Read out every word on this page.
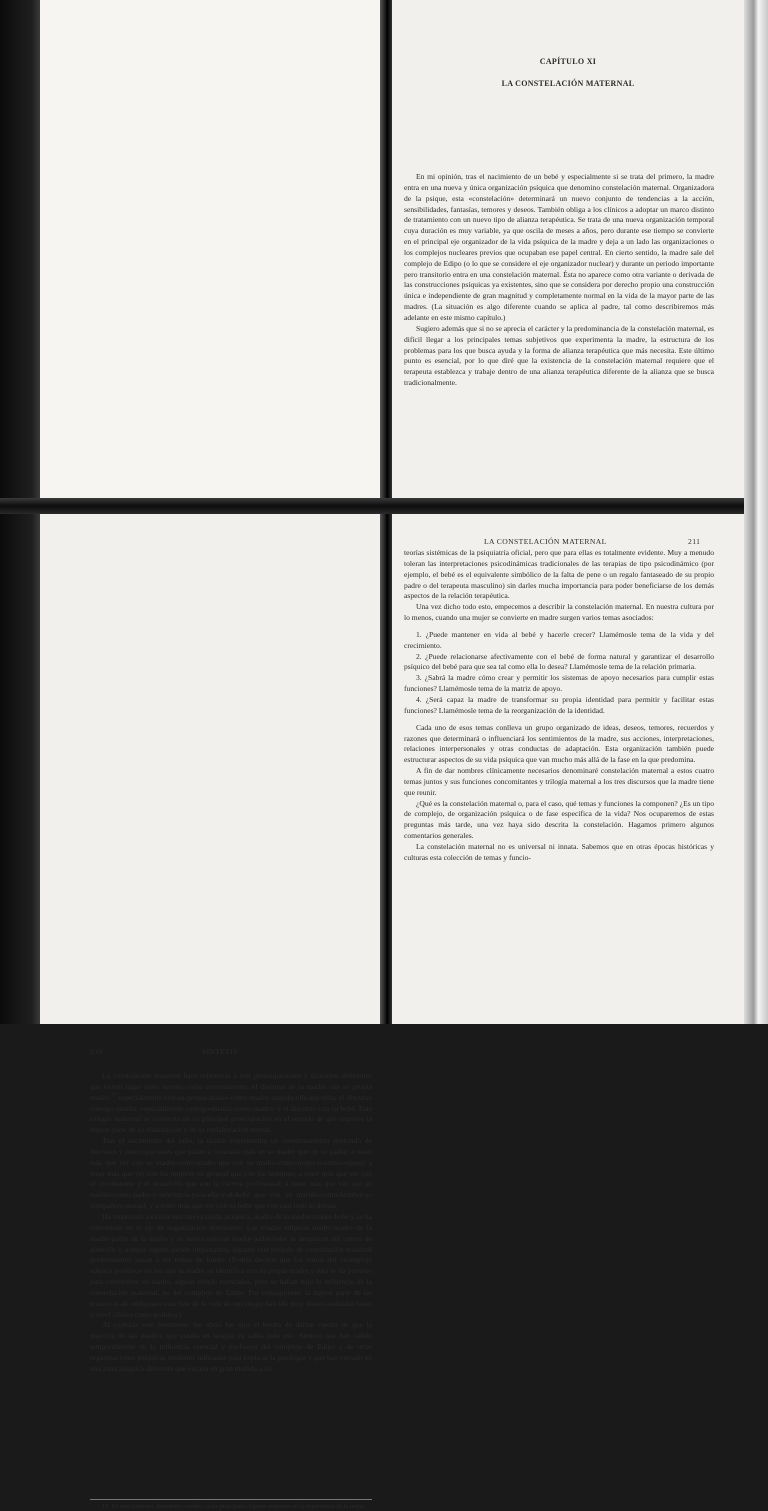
CAPÍTULO XI
LA CONSTELACIÓN MATERNAL

En mi opinión, tras el nacimiento de un bebé y especialmente si se trata del primero, la madre entra en una nueva y única organización psíquica que denomino constelación maternal. Organizadora de la psique, esta «constelación» determinará un nuevo conjunto de tendencias a la acción, sensibilidades, fantasías, temores y deseos. También obliga a los clínicos a adoptar un marco distinto de tratamiento con un nuevo tipo de alianza terapéutica. Se trata de una nueva organización temporal cuya duración es muy variable, ya que oscila de meses a años, pero durante ese tiempo se convierte en el principal eje organizador de la vida psíquica de la madre y deja a un lado las organizaciones o los complejos nucleares previos que ocupaban ese papel central. En cierto sentido, la madre sale del complejo de Edipo (o lo que se considere el eje organizador nuclear) y durante un periodo importante pero transitorio entra en una constelación maternal. Ésta no aparece como otra variante o derivada de las construcciones psíquicas ya existentes, sino que se considera por derecho propio una construcción única e independiente de gran magnitud y completamente normal en la vida de la mayor parte de las madres. (La situación es algo diferente cuando se aplica al padre, tal como describiremos más adelante en este mismo capítulo.)

Sugiero además que si no se aprecia el carácter y la predominancia de la constelación maternal, es difícil llegar a los principales temas subjetivos que experimenta la madre, la estructura de los problemas para los que busca ayuda y la forma de alianza terapéutica que más necesita. Este último punto es esencial, por lo que diré que la existencia de la constelación maternal requiere que el terapeuta establezca y trabaje dentro de una alianza terapéutica diferente de la alianza que se busca tradicionalmente.

210	SÍNTESIS

La constelación maternal hace referencia a tres preocupaciones y discursos diferentes que tienen lugar tanto interna como externamente: el discurso de la madre con su propia madre,$^{17}$ especialmente con-su-propia-madre-como-madre-cuando-ella-era-niña; el discurso consigo misma, especialmente consigo-misma-como-madre; y el discurso con su bebé. Esta trilogía maternal se convierte en su principal preocupación en el sentido de que requiere la mayor parte de su elaboración y de su reelaboración mental.

Tras el nacimiento del niño, la madre experimenta un reordenamiento profundo de intereses y preocupaciones que pasan a centrarse más en su madre que en su padre; a tener más que ver con su madre-como-madre que con su madre-como-mujer-o-como-esposa; a tener más que ver con las mujeres en general que con los hombres; a tener más que ver con el crecimiento y el desarrollo que con la carrera profesional; a tener más que ver con su marido-como-padre-y-referencia-para-ella-y-el-bebé que con su marido-como-hombre-y-compañero-sexual; y a tener más que ver con su bebé que con casi todo lo demás.

Ha empezado a existir una nueva tríada psíquica, madre de la madre-madre-bebé y se ha convertido en el eje de organización dominante. Las tríadas edípicas madre-madre de la madre-padre de la madre y su nueva edición madre-padre-bebé se desplazan del centro de atención y, aunque siguen siendo importantes, durante este periodo de constelación maternal predominante pasan a ser temas de fondo. (Podría decirse que los temas del «complejo edípico positivo» en los que la madre se identifica con su propia madre y ésta le da permiso para convertirse en madre, siguen siendo esenciales, pero se hallan bajo la influencia de la constelación maternal, no del complejo de Edipo. Por consiguiente, la mayor parte de las tentativas de «edipizar» esta fase de la vida de una mujer han ido muy desencaminadas tanto a nivel clínico como político.)

Al explorar este fenómeno, me abrió los ojos el hecho de darme cuenta de que la mayoría de las madres que estaba en terapia ya sabía todo eso. Sienten que han salido temporalmente de la influencia esencial y exclusiva del complejo de Edipo y de otras organizaciones psíquicas similares utilizadas para explicar la patología y que han entrado en una zona psíquica diferente que escapa en gran medida a las

17. En este contexto, denomino «madre» a las principales figuras maternas en la experiencia de la mujer.

LA CONSTELACIÓN MATERNAL	211

teorías sistémicas de la psiquiatría oficial, pero que para ellas es totalmente evidente. Muy a menudo toleran las interpretaciones psicodinámicas tradicionales de las terapias de tipo psicodinámico (por ejemplo, el bebé es el equivalente simbólico de la falta de pene o un regalo fantaseado de su propio padre o del terapeuta masculino) sin darles mucha importancia para poder beneficiarse de los demás aspectos de la relación terapéutica.

Una vez dicho todo esto, empecemos a describir la constelación maternal. En nuestra cultura por lo menos, cuando una mujer se convierte en madre surgen varios temas asociados:

1. ¿Puede mantener en vida al bebé y hacerle crecer? Llamémosle tema de la vida y del crecimiento.

2. ¿Puede relacionarse afectivamente con el bebé de forma natural y garantizar el desarrollo psíquico del bebé para que sea tal como ella lo desea? Llamémosle tema de la relación primaria.

3. ¿Sabrá la madre cómo crear y permitir los sistemas de apoyo necesarios para cumplir estas funciones? Llamémosle tema de la matriz de apoyo.

4. ¿Será capaz la madre de transformar su propia identidad para permitir y facilitar estas funciones? Llamémosle tema de la reorganización de la identidad.

Cada uno de esos temas conlleva un grupo organizado de ideas, deseos, temores, recuerdos y razones que determinará o influenciará los sentimientos de la madre, sus acciones, interpretaciones, relaciones interpersonales y otras conductas de adaptación. Esta organización también puede estructurar aspectos de su vida psíquica que van mucho más allá de la fase en la que predomina.

A fin de dar nombres clínicamente necesarios denominaré constelación maternal a estos cuatro temas juntos y sus funciones concomitantes y trilogía maternal a los tres discursos que la madre tiene que reunir.

¿Qué es la constelación maternal o, para el caso, qué temas y funciones la componen? ¿Es un tipo de complejo, de organización psíquica o de fase específica de la vida? Nos ocuparemos de estas preguntas más tarde, una vez haya sido descrita la constelación. Hagamos primero algunos comentarios generales.

La constelación maternal no es universal ni innata. Sabemos que en otras épocas históricas y culturas esta colección de temas y funcio-
